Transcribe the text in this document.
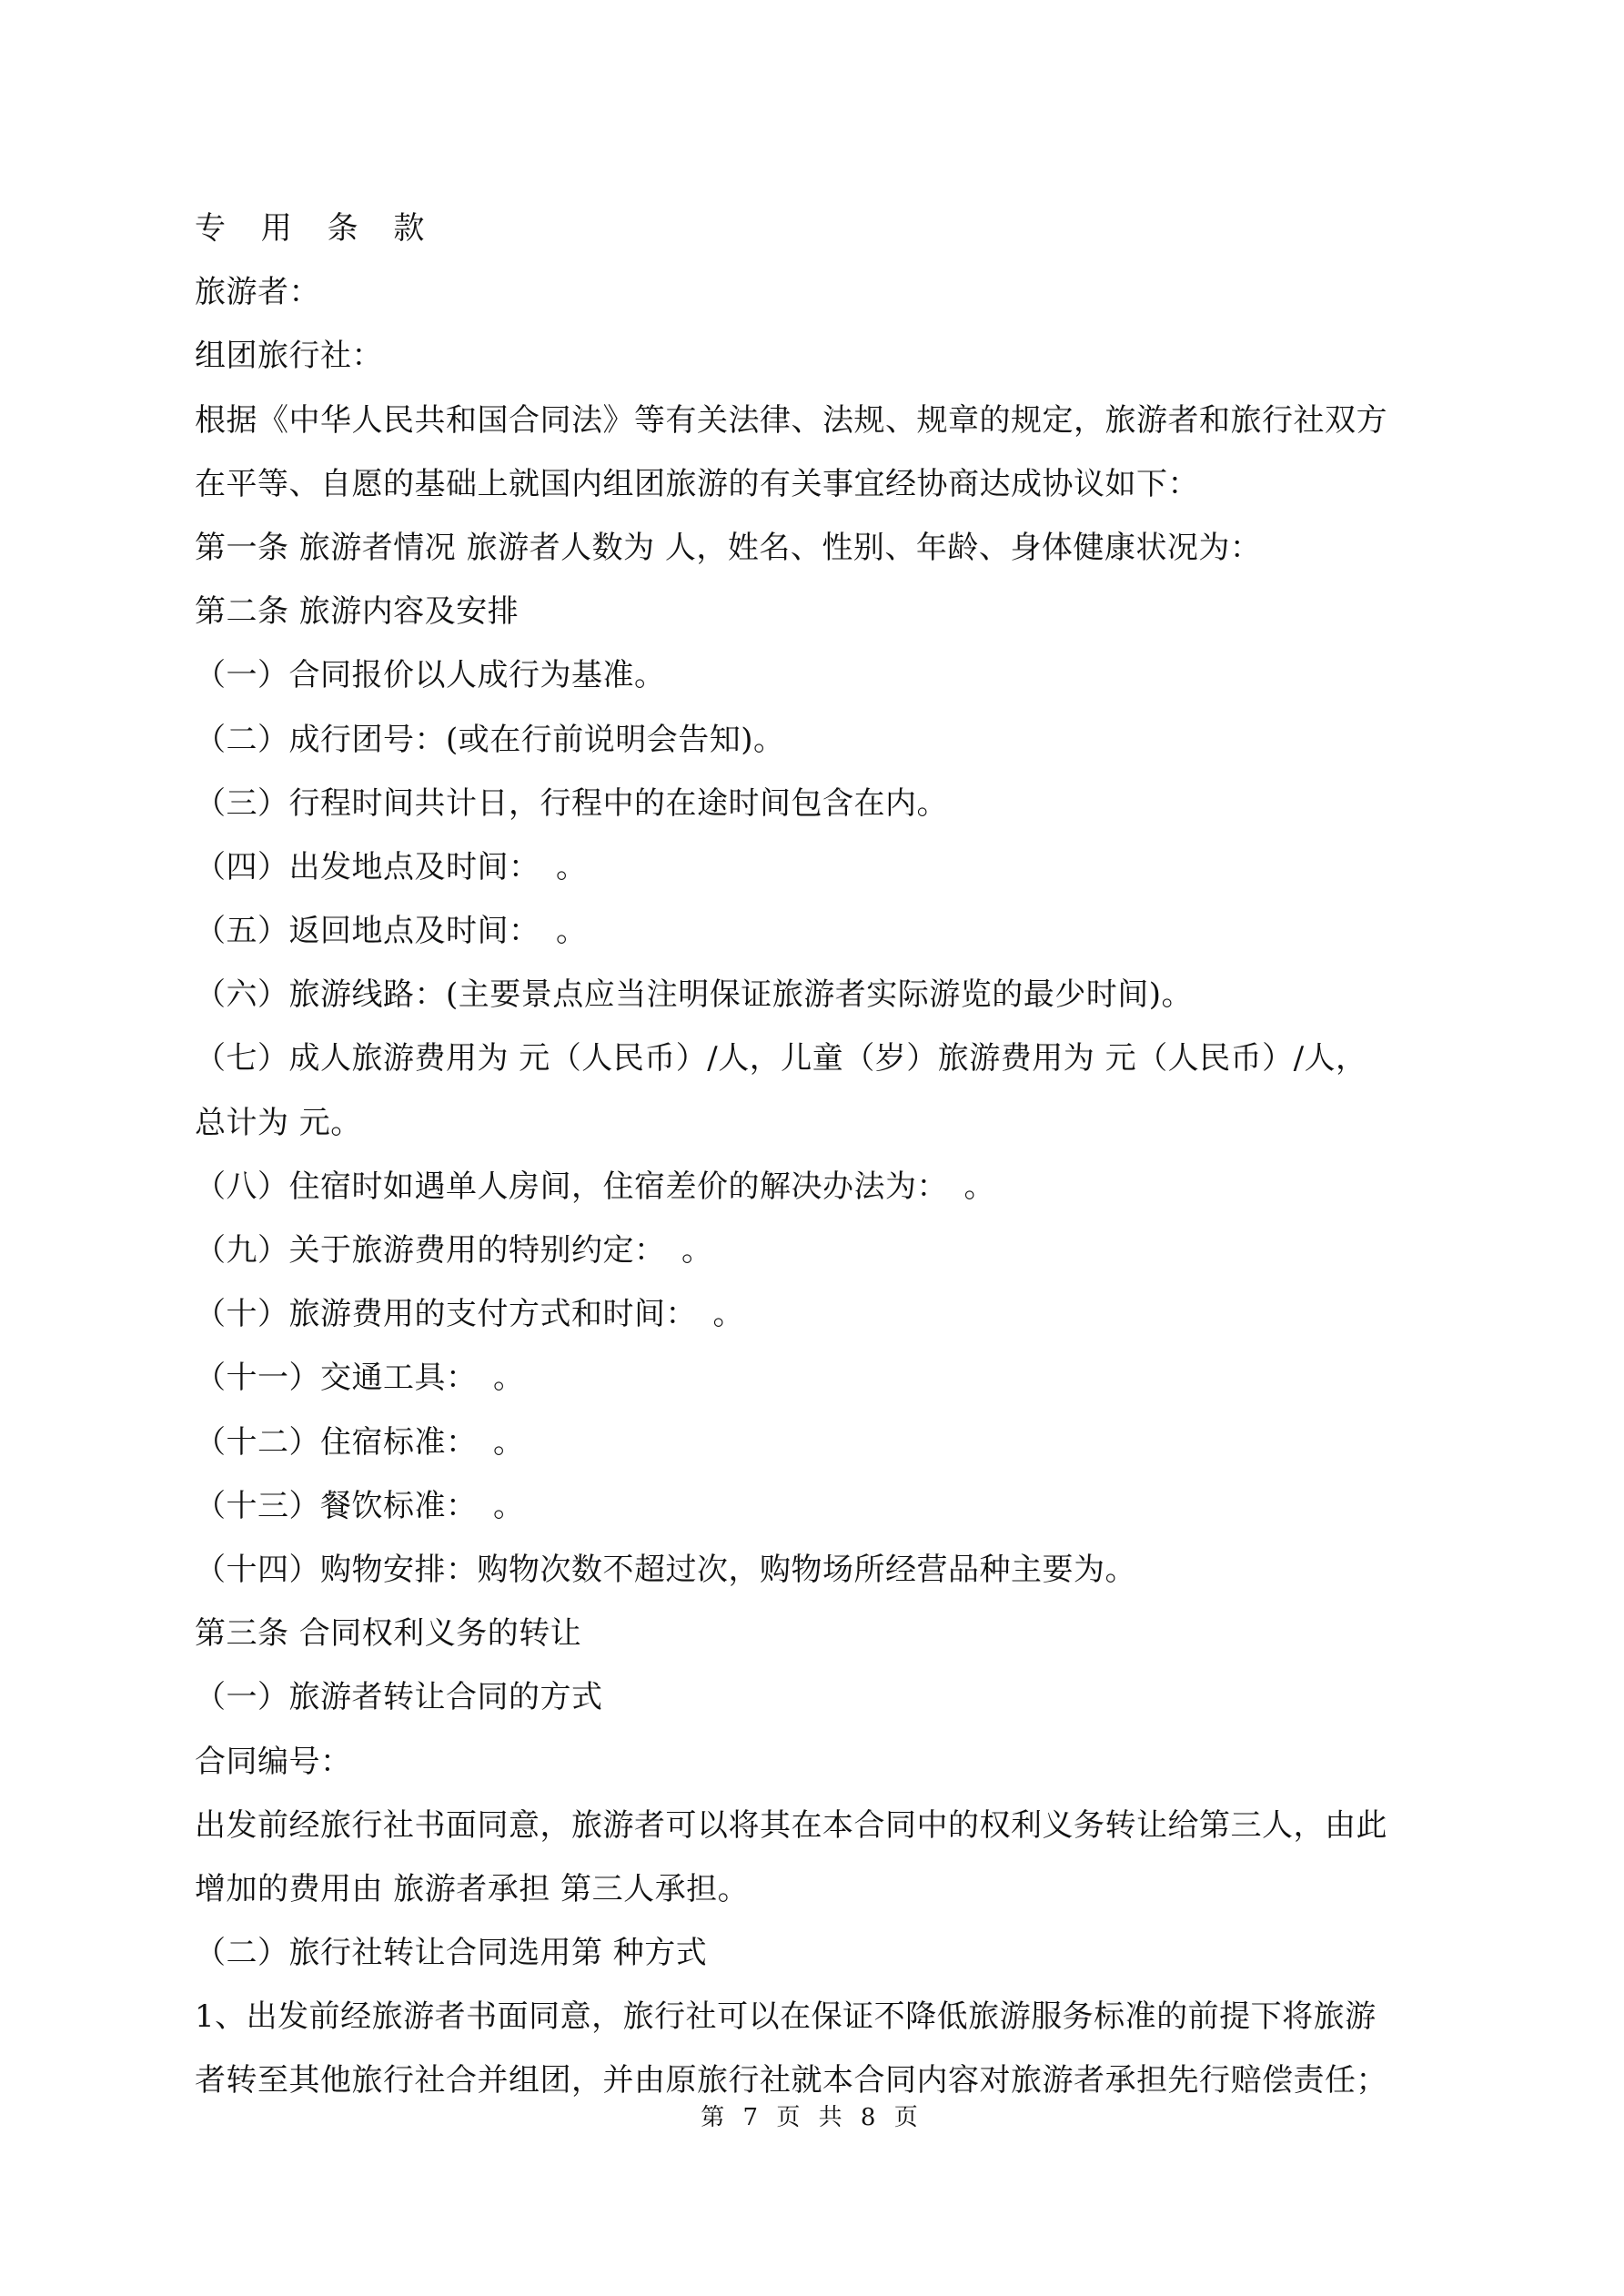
专 用 条 款
旅游者：
组团旅行社：
根据《中华人民共和国合同法》等有关法律、法规、规章的规定，旅游者和旅行社双方
在平等、自愿的基础上就国内组团旅游的有关事宜经协商达成协议如下：
第一条 旅游者情况 旅游者人数为 人，姓名、性别、年龄、身体健康状况为：
第二条 旅游内容及安排
（一）合同报价以人成行为基准。
（二）成行团号：(或在行前说明会告知)。
（三）行程时间共计日，行程中的在途时间包含在内。
（四）出发地点及时间：　。
（五）返回地点及时间：　。
（六）旅游线路：(主要景点应当注明保证旅游者实际游览的最少时间)。
（七）成人旅游费用为 元（人民币）/人，儿童（岁）旅游费用为 元（人民币）/人，
总计为 元。
（八）住宿时如遇单人房间，住宿差价的解决办法为：　。
（九）关于旅游费用的特别约定：　。
（十）旅游费用的支付方式和时间：　。
（十一）交通工具：　。
（十二）住宿标准：　。
（十三）餐饮标准：　。
（十四）购物安排：购物次数不超过次，购物场所经营品种主要为。
第三条 合同权利义务的转让
（一）旅游者转让合同的方式
合同编号：
出发前经旅行社书面同意，旅游者可以将其在本合同中的权利义务转让给第三人，由此
增加的费用由 旅游者承担 第三人承担。
（二）旅行社转让合同选用第 种方式
1、出发前经旅游者书面同意，旅行社可以在保证不降低旅游服务标准的前提下将旅游
者转至其他旅行社合并组团，并由原旅行社就本合同内容对旅游者承担先行赔偿责任；
第 7 页 共 8 页
